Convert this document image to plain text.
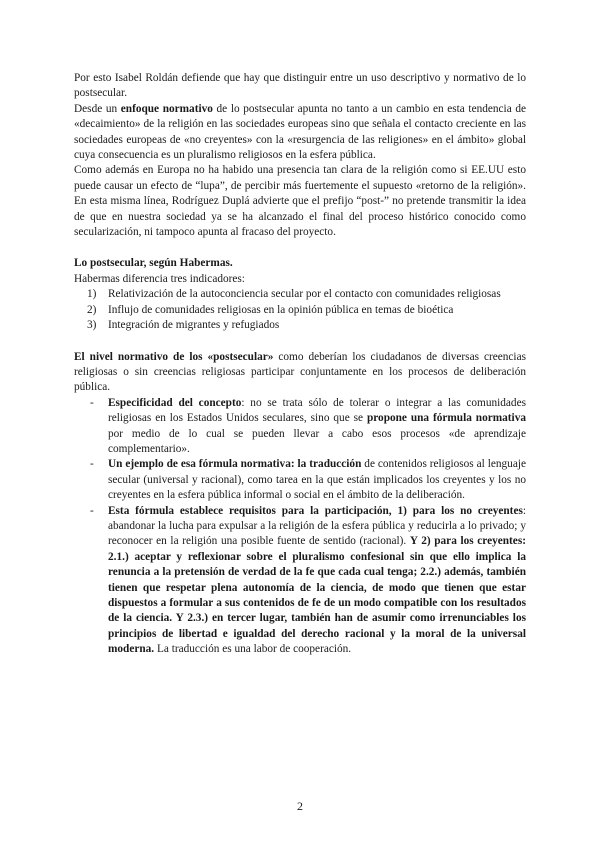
Por esto Isabel Roldán defiende que hay que distinguir entre un uso descriptivo y normativo de lo postsecular.

Desde un enfoque normativo de lo postsecular apunta no tanto a un cambio en esta tendencia de «decaimiento» de la religión en las sociedades europeas sino que señala el contacto creciente en las sociedades europeas de «no creyentes» con la «resurgencia de las religiones» en el ámbito» global cuya consecuencia es un pluralismo religiosos en la esfera pública.

Como además en Europa no ha habido una presencia tan clara de la religión como si EE.UU esto puede causar un efecto de “lupa”, de percibir más fuertemente el supuesto «retorno de la religión». En esta misma línea, Rodríguez Duplá advierte que el prefijo “post-” no pretende transmitir la idea de que en nuestra sociedad ya se ha alcanzado el final del proceso histórico conocido como secularización, ni tampoco apunta al fracaso del proyecto.

Lo postsecular, según Habermas.

Habermas diferencia tres indicadores:

1) Relativización de la autoconciencia secular por el contacto con comunidades religiosas
2) Influjo de comunidades religiosas en la opinión pública en temas de bioética
3) Integración de migrantes y refugiados

El nivel normativo de los «postsecular» como deberían los ciudadanos de diversas creencias religiosas o sin creencias religiosas participar conjuntamente en los procesos de deliberación pública.

- Especificidad del concepto: no se trata sólo de tolerar o integrar a las comunidades religiosas en los Estados Unidos seculares, sino que se propone una fórmula normativa por medio de lo cual se pueden llevar a cabo esos procesos «de aprendizaje complementario».
- Un ejemplo de esa fórmula normativa: la traducción de contenidos religiosos al lenguaje secular (universal y racional), como tarea en la que están implicados los creyentes y los no creyentes en la esfera pública informal o social en el ámbito de la deliberación.
- Esta fórmula establece requisitos para la participación, 1) para los no creyentes: abandonar la lucha para expulsar a la religión de la esfera pública y reducirla a lo privado; y reconocer en la religión una posible fuente de sentido (racional). Y 2) para los creyentes: 2.1.) aceptar y reflexionar sobre el pluralismo confesional sin que ello implica la renuncia a la pretensión de verdad de la fe que cada cual tenga; 2.2.) además, también tienen que respetar plena autonomía de la ciencia, de modo que tienen que estar dispuestos a formular a sus contenidos de fe de un modo compatible con los resultados de la ciencia. Y 2.3.) en tercer lugar, también han de asumir como irrenunciables los principios de libertad e igualdad del derecho racional y la moral de la universal moderna. La traducción es una labor de cooperación.
2
